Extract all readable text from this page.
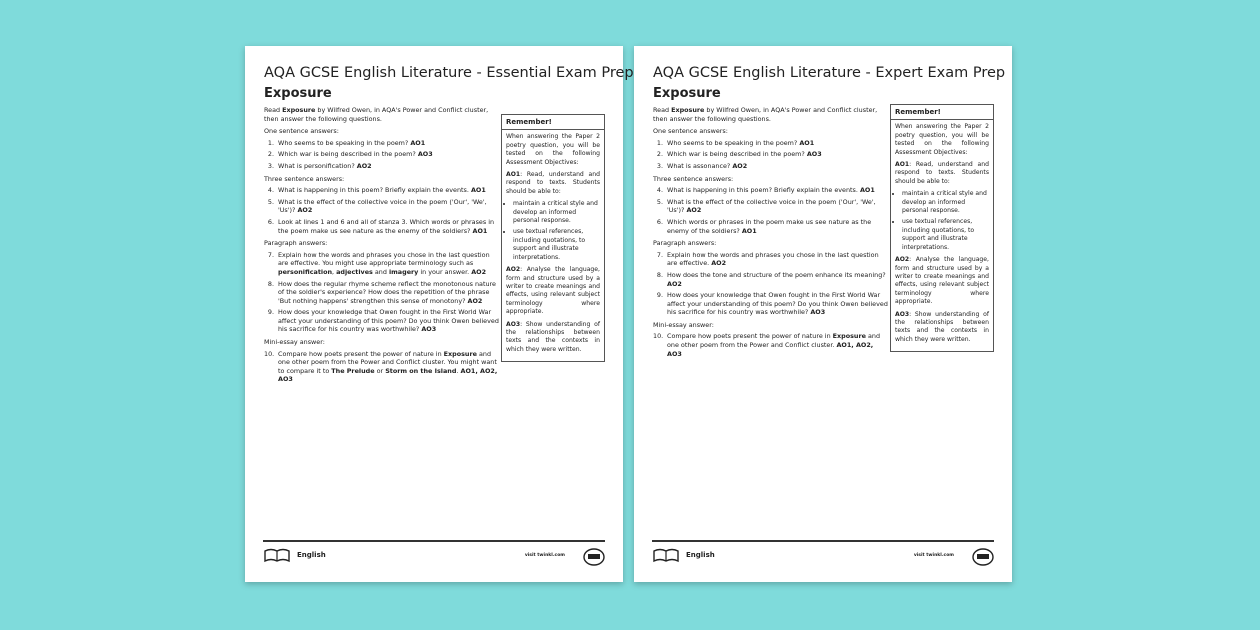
AQA GCSE English Literature - Essential Exam Prep
Exposure

Read Exposure by Wilfred Owen, in AQA's Power and Conflict cluster, then answer the following questions.

One sentence answers:
1. Who seems to be speaking in the poem? AO1
2. Which war is being described in the poem? AO3
3. What is personification? AO2
Three sentence answers:
4. What is happening in this poem? Briefly explain the events. AO1
5. What is the effect of the collective voice in the poem ('Our', 'We', 'Us')? AO2
6. Look at lines 1 and 6 and all of stanza 3. Which words or phrases in the poem make us see nature as the enemy of the soldiers? AO1
Paragraph answers:
7. Explain how the words and phrases you chose in the last question are effective. You might use appropriate terminology such as personification, adjectives and imagery in your answer. AO2
8. How does the regular rhyme scheme reflect the monotonous nature of the soldier's experience? How does the repetition of the phrase 'But nothing happens' strengthen this sense of monotony? AO2
9. How does your knowledge that Owen fought in the First World War affect your understanding of this poem? Do you think Owen believed his sacrifice for his country was worthwhile? AO3
Mini-essay answer:
10. Compare how poets present the power of nature in Exposure and one other poem from the Power and Conflict cluster. You might want to compare it to The Prelude or Storm on the Island. AO1, AO2, AO3
Remember!

When answering the Paper 2 poetry question, you will be tested on the following Assessment Objectives:

AO1: Read, understand and respond to texts. Students should be able to:

• maintain a critical style and develop an informed personal response.
• use textual references, including quotations, to support and illustrate interpretations.

AO2: Analyse the language, form and structure used by a writer to create meanings and effects, using relevant subject terminology where appropriate.

AO3: Show understanding of the relationships between texts and the contexts in which they were written.

English	visit twinkl.com
AQA GCSE English Literature - Expert Exam Prep
Exposure

Read Exposure by Wilfred Owen, in AQA's Power and Conflict cluster, then answer the following questions.

One sentence answers:
1. Who seems to be speaking in the poem? AO1
2. Which war is being described in the poem? AO3
3. What is assonance? AO2
Three sentence answers:
4. What is happening in this poem? Briefly explain the events. AO1
5. What is the effect of the collective voice in the poem ('Our', 'We', 'Us')? AO2
6. Which words or phrases in the poem make us see nature as the enemy of the soldiers? AO1
Paragraph answers:
7. Explain how the words and phrases you chose in the last question are effective. AO2
8. How does the tone and structure of the poem enhance its meaning? AO2
9. How does your knowledge that Owen fought in the First World War affect your understanding of this poem? Do you think Owen believed his sacrifice for his country was worthwhile? AO3
Mini-essay answer:
10. Compare how poets present the power of nature in Exposure and one other poem from the Power and Conflict cluster. AO1, AO2, AO3
Remember!

When answering the Paper 2 poetry question, you will be tested on the following Assessment Objectives:

AO1: Read, understand and respond to texts. Students should be able to:

• maintain a critical style and develop an informed personal response.
• use textual references, including quotations, to support and illustrate interpretations.

AO2: Analyse the language, form and structure used by a writer to create meanings and effects, using relevant subject terminology where appropriate.

AO3: Show understanding of the relationships between texts and the contexts in which they were written.

English	visit twinkl.com
